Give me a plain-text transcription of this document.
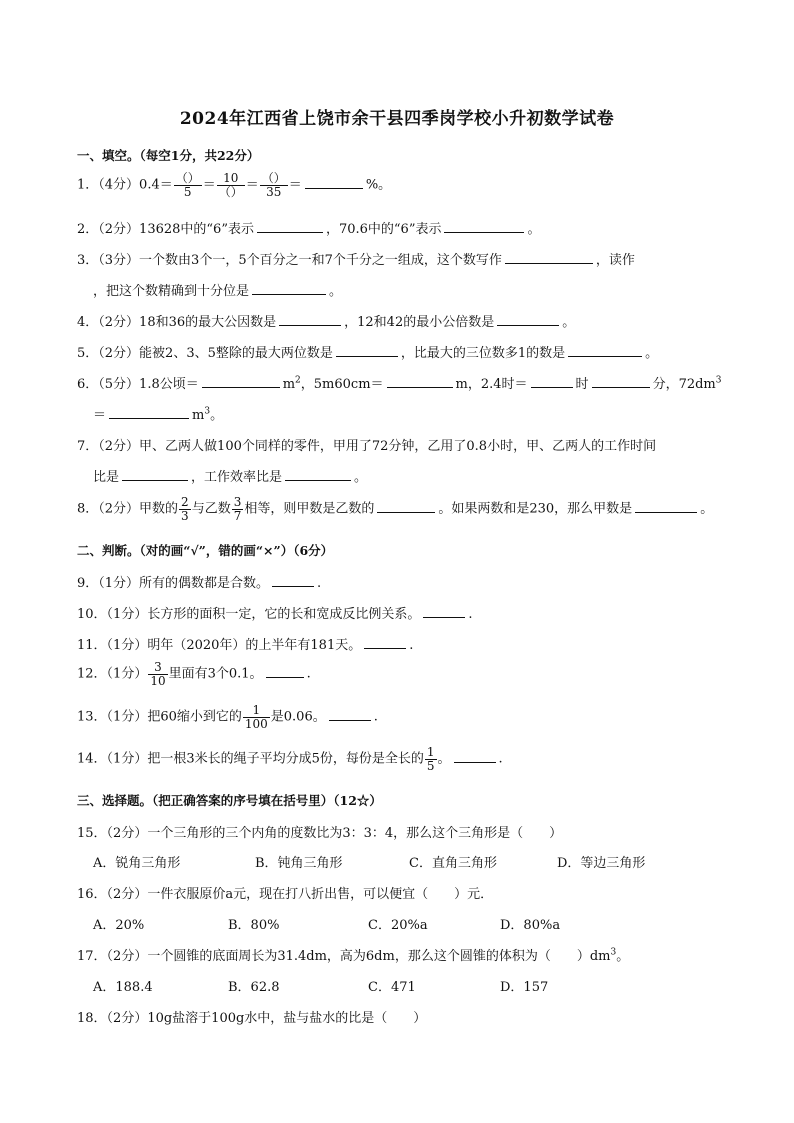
2024年江西省上饶市余干县四季岗学校小升初数学试卷
一、填空。（每空1分，共22分）
1．（4分）$0.4= \frac{()}{5} = \frac{10}{()} = \frac{()}{35}$ ＝	%。
2．（2分）13628中的“6”表示	，70.6中的“6”表示	。
3．（3分）一个数由3个一，5个百分之一和7个千分之一组成，这个数写作	，读作
，把这个数精确到十分位是	。
4．（2分）18和36的最大公因数是	，12和42的最小公倍数是	。
5．（2分）能被2、3、5整除的最大两位数是	，比最大的三位数多1的数是	。
6．（5分）1.8公顷＝	$m^2$，5m60cm＝	m，2.4时＝	时	分，$72dm^3$
＝	$m^3$。
7．（2分）甲、乙两人做100个同样的零件，甲用了72分钟，乙用了0.8小时，甲、乙两人的工作时间
比是	，工作效率比是	。
8．（2分）甲数的 $\frac{2}{3}$ 与乙数 $\frac{3}{7}$ 相等，则甲数是乙数的	。如果两数和是230，那么甲数是	。
二、判断。（对的画“√”，错的画“×”）（6分）
9．（1分）所有的偶数都是合数。	.
10．（1分）长方形的面积一定，它的长和宽成反比例关系。	.
11．（1分）明年（2020年）的上半年有181天。	.
12．（1分） $\frac{3}{10}$ 里面有3个0.1。	.
13．（1分）把60缩小到它的 $\frac{1}{100}$ 是0.06。	.
14．（1分）把一根3米长的绳子平均分成5份，每份是全长的 $\frac{1}{5}$ 。	.
三、选择题。（把正确答案的序号填在括号里）（12☆）
15．（2分）一个三角形的三个内角的度数比为3：3：4，那么这个三角形是（　　）
A．锐角三角形	B．钝角三角形	C．直角三角形	D．等边三角形
16．（2分）一件衣服原价a元，现在打八折出售，可以便宜（　　）元．
A．20%	B．80%	C．20%a	D．80%a
17．（2分）一个圆锥的底面周长为31.4dm，高为6dm，那么这个圆锥的体积为（　　）$dm^3$。
A．188.4	B．62.8	C．471	D．157
18．（2分）10g盐溶于100g水中，盐与盐水的比是（　　）
